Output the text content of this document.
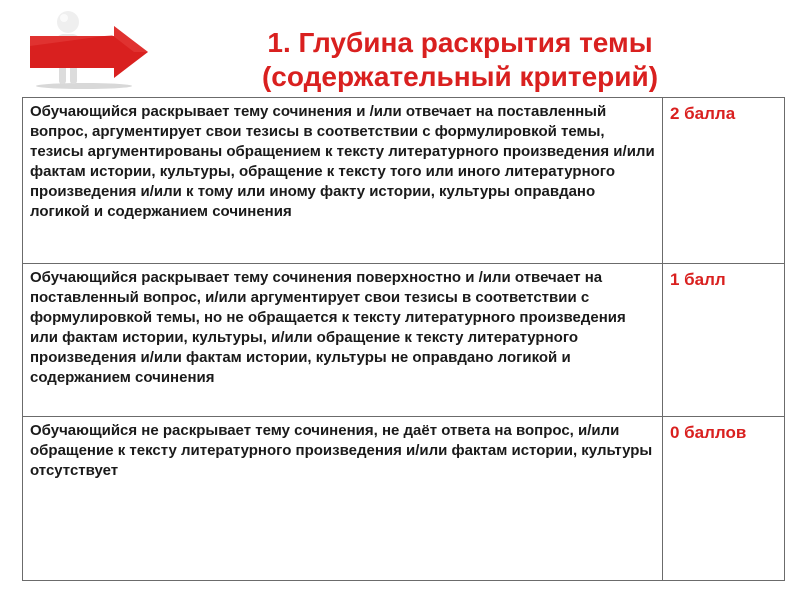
1. Глубина раскрытия темы
(содержательный критерий)
Обучающийся раскрывает тему сочинения и /или отвечает на поставленный вопрос, аргументирует свои тезисы в соответствии с формулировкой темы, тезисы аргументированы обращением к тексту литературного произведения и/или фактам истории, культуры, обращение к тексту того или иного литературного произведения и/или к тому или иному факту истории, культуры оправдано логикой и содержанием сочинения	2 балла
Обучающийся раскрывает тему сочинения поверхностно и /или отвечает на поставленный вопрос, и/или аргументирует свои тезисы в соответствии с формулировкой темы, но не обращается к тексту литературного произведения или фактам истории, культуры, и/или обращение к тексту литературного произведения и/или фактам истории, культуры не оправдано логикой и содержанием сочинения	1 балл
Обучающийся не раскрывает тему сочинения, не даёт ответа на вопрос, и/или обращение к тексту литературного произведения и/или фактам истории, культуры отсутствует	0 баллов
